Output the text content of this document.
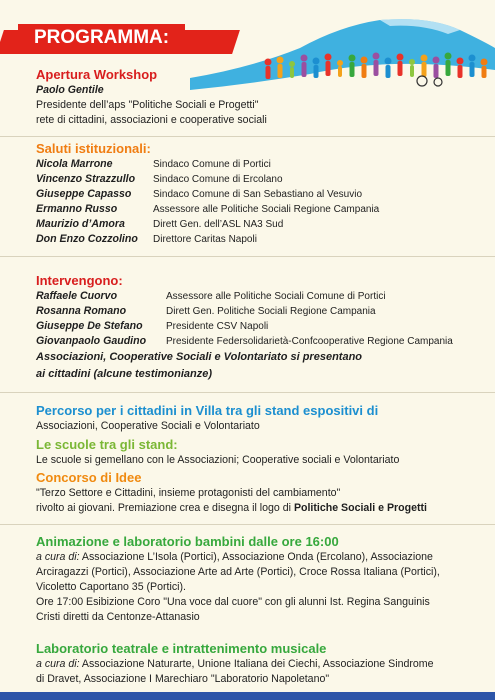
PROGRAMMA:
Apertura Workshop
Paolo Gentile
Presidente dell’aps "Politiche Sociali e Progetti"
rete di cittadini, associazioni e cooperative sociali
Saluti istituzionali:
Nicola Marrone	Sindaco Comune di Portici
Vincenzo Strazzullo Sindaco Comune di Ercolano
Giuseppe Capasso Sindaco Comune di San Sebastiano al Vesuvio
Ermanno Russo	Assessore alle Politiche Sociali Regione Campania
Maurizio d’Amora	Dirett Gen. dell’ASL NA3 Sud
Don Enzo Cozzolino Direttore Caritas Napoli
Intervengono:
Raffaele Cuorvo	Assessore alle Politiche Sociali Comune di Portici
Rosanna Romano	Dirett Gen. Politiche Sociali Regione Campania
Giuseppe De Stefano Presidente CSV Napoli
Giovanpaolo Gaudino Presidente Federsolidarietà-Confcooperative Regione Campania
Associazioni, Cooperative Sociali e Volontariato si presentano
ai cittadini (alcune testimonianze)
Percorso per i cittadini in Villa tra gli stand espositivi di
Associazioni, Cooperative Sociali e Volontariato
Le scuole tra gli stand:
Le scuole si gemellano con le Associazioni; Cooperative sociali e Volontariato
Concorso di Idee
"Terzo Settore e Cittadini, insieme protagonisti del cambiamento"
rivolto ai giovani. Premiazione crea e disegna il logo di Politiche Sociali e Progetti
Animazione e laboratorio bambini dalle ore 16:00
a cura di: Associazione L’Isola (Portici), Associazione Onda (Ercolano), Associazione
Arciragazzi (Portici), Associazione Arte ad Arte (Portici), Croce Rossa Italiana (Portici),
Vicoletto Caportano 35 (Portici).
Ore 17:00 Esibizione Coro "Una voce dal cuore" con gli alunni Ist. Regina Sanguinis
Cristi diretti da Centonze-Attanasio
Laboratorio teatrale e intrattenimento musicale
a cura di: Associazione Naturarte, Unione Italiana dei Ciechi, Associazione Sindrome
di Dravet, Associazione I Marechiaro "Laboratorio Napoletano"
